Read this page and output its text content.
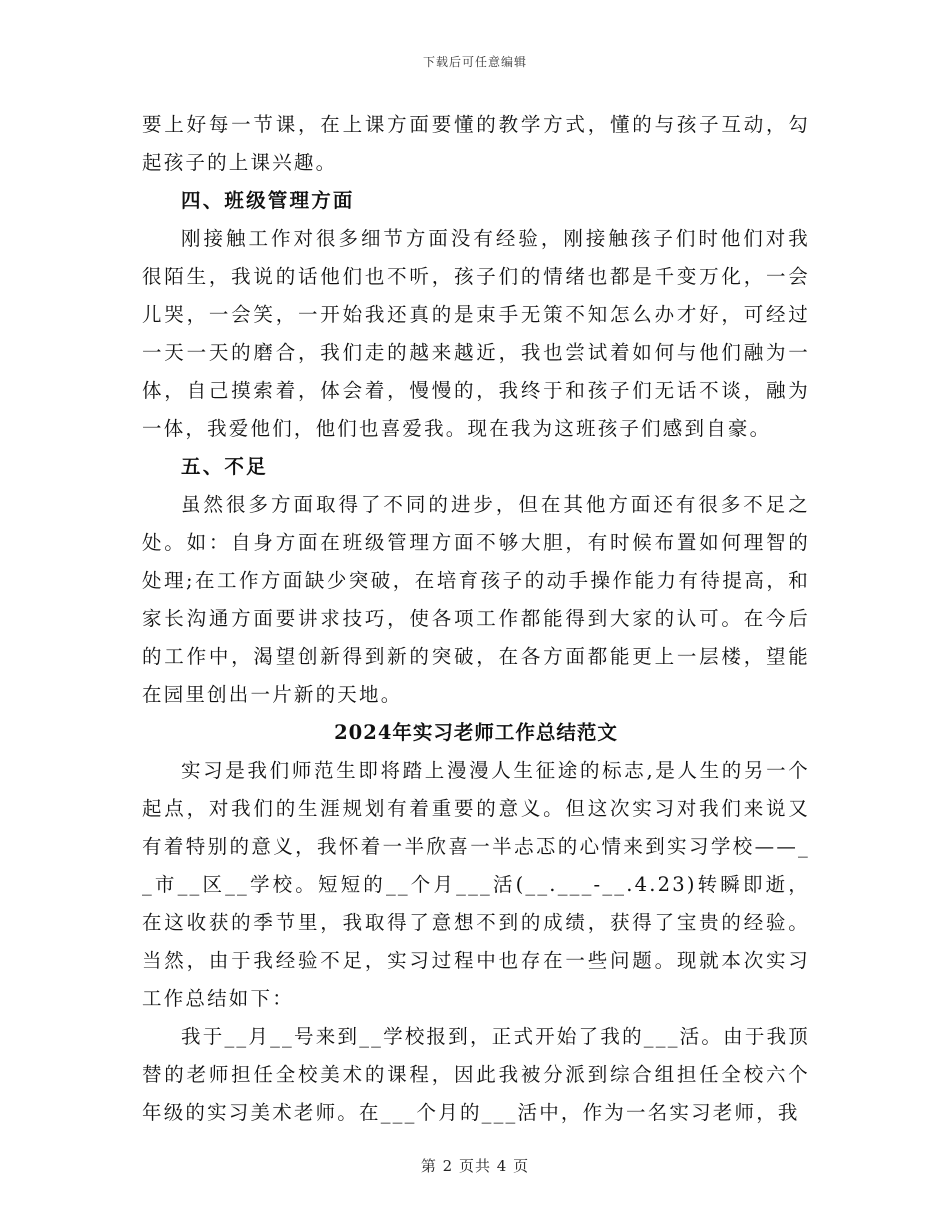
下载后可任意编辑

要上好每一节课，在上课方面要懂的教学方式，懂的与孩子互动，勾起孩子的上课兴趣。

四、班级管理方面

刚接触工作对很多细节方面没有经验，刚接触孩子们时他们对我很陌生，我说的话他们也不听，孩子们的情绪也都是千变万化，一会儿哭，一会笑，一开始我还真的是束手无策不知怎么办才好，可经过一天一天的磨合，我们走的越来越近，我也尝试着如何与他们融为一体，自己摸索着，体会着，慢慢的，我终于和孩子们无话不谈，融为一体，我爱他们，他们也喜爱我。现在我为这班孩子们感到自豪。

五、不足

虽然很多方面取得了不同的进步，但在其他方面还有很多不足之处。如：自身方面在班级管理方面不够大胆，有时候布置如何理智的处理;在工作方面缺少突破，在培育孩子的动手操作能力有待提高，和家长沟通方面要讲求技巧，使各项工作都能得到大家的认可。在今后的工作中，渴望创新得到新的突破，在各方面都能更上一层楼，望能在园里创出一片新的天地。

2024年实习老师工作总结范文

实习是我们师范生即将踏上漫漫人生征途的标志,是人生的另一个起点，对我们的生涯规划有着重要的意义。但这次实习对我们来说又有着特别的意义，我怀着一半欣喜一半忐忑的心情来到实习学校——__市__区__学校。短短的__个月___活(__.___-__.4.23)转瞬即逝，在这收获的季节里，我取得了意想不到的成绩，获得了宝贵的经验。当然，由于我经验不足，实习过程中也存在一些问题。现就本次实习工作总结如下：

我于__月__号来到__学校报到，正式开始了我的___活。由于我顶替的老师担任全校美术的课程，因此我被分派到综合组担任全校六个年级的实习美术老师。在___个月的___活中，作为一名实习老师，我

第 2 页共 4 页
